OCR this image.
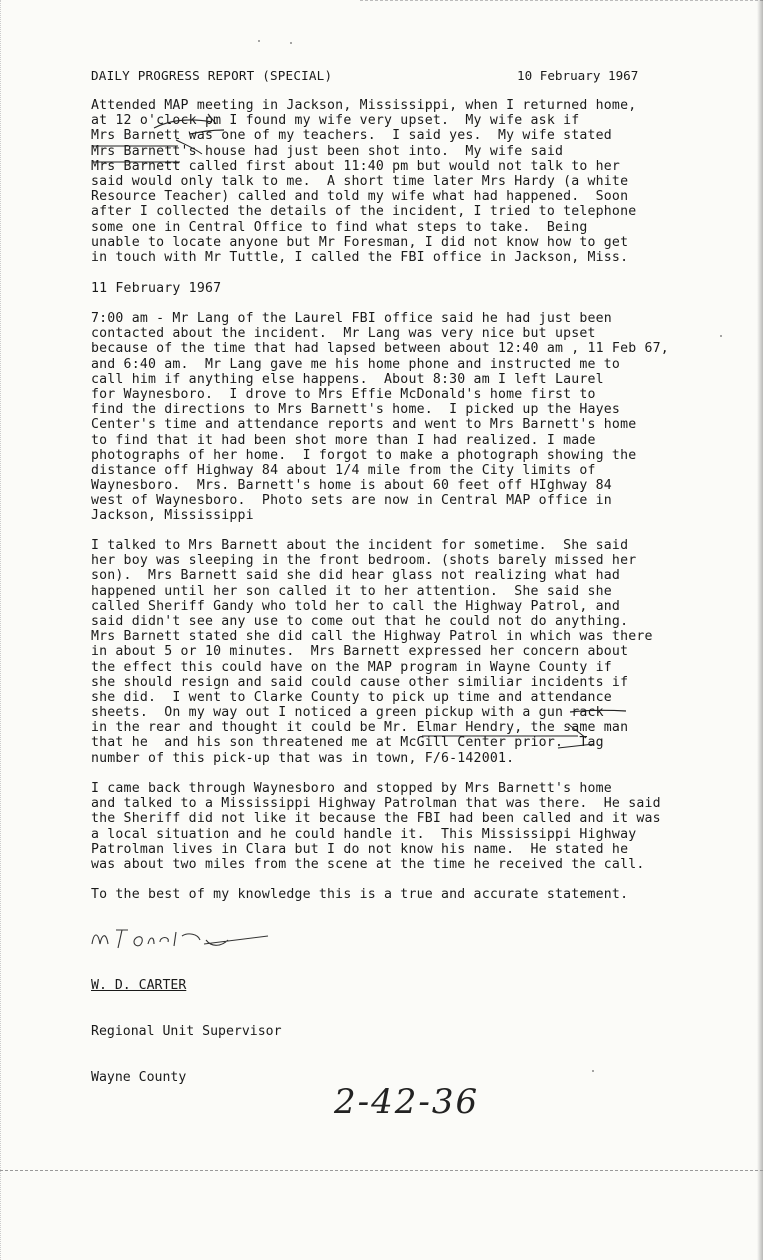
DAILY PROGRESS REPORT (SPECIAL)	10 February 1967
Attended MAP meeting in Jackson, Mississippi, when I returned home,
at 12 o'clock pm I found my wife very upset.  My wife ask if
Mrs Barnett was one of my teachers.  I said yes.  My wife stated
Mrs Barnett's house had just been shot into.  My wife said
Mrs Barnett called first about 11:40 pm but would not talk to her
said would only talk to me.  A short time later Mrs Hardy (a white
Resource Teacher) called and told my wife what had happened.  Soon
after I collected the details of the incident, I tried to telephone
some one in Central Office to find what steps to take.  Being
unable to locate anyone but Mr Foresman, I did not know how to get
in touch with Mr Tuttle, I called the FBI office in Jackson, Miss.
11 February 1967
7:00 am - Mr Lang of the Laurel FBI office said he had just been
contacted about the incident.  Mr Lang was very nice but upset
because of the time that had lapsed between about 12:40 am , 11 Feb 67,
and 6:40 am.  Mr Lang gave me his home phone and instructed me to
call him if anything else happens.  About 8:30 am I left Laurel
for Waynesboro.  I drove to Mrs Effie McDonald's home first to
find the directions to Mrs Barnett's home.  I picked up the Hayes
Center's time and attendance reports and went to Mrs Barnett's home
to find that it had been shot more than I had realized. I made
photographs of her home.  I forgot to make a photograph showing the
distance off Highway 84 about 1/4 mile from the City limits of
Waynesboro.  Mrs. Barnett's home is about 60 feet off HIghway 84
west of Waynesboro.  Photo sets are now in Central MAP office in
Jackson, Mississippi
I talked to Mrs Barnett about the incident for sometime.  She said
her boy was sleeping in the front bedroom. (shots barely missed her
son).  Mrs Barnett said she did hear glass not realizing what had
happened until her son called it to her attention.  She said she
called Sheriff Gandy who told her to call the Highway Patrol, and
said didn't see any use to come out that he could not do anything.
Mrs Barnett stated she did call the Highway Patrol in which was there
in about 5 or 10 minutes.  Mrs Barnett expressed her concern about
the effect this could have on the MAP program in Wayne County if
she should resign and said could cause other similiar incidents if
she did.  I went to Clarke County to pick up time and attendance
sheets.  On my way out I noticed a green pickup with a gun rack
in the rear and thought it could be Mr. Elmar Hendry, the same man
that he  and his son threatened me at McGill Center prior.  Tag
number of this pick-up that was in town, F/6-142001.
I came back through Waynesboro and stopped by Mrs Barnett's home
and talked to a Mississippi Highway Patrolman that was there.  He said
the Sheriff did not like it because the FBI had been called and it was
a local situation and he could handle it.  This Mississippi Highway
Patrolman lives in Clara but I do not know his name.  He stated he
was about two miles from the scene at the time he received the call.
To the best of my knowledge this is a true and accurate statement.

W. D. CARTER

Regional Unit Supervisor

Wayne County

2-42-36
